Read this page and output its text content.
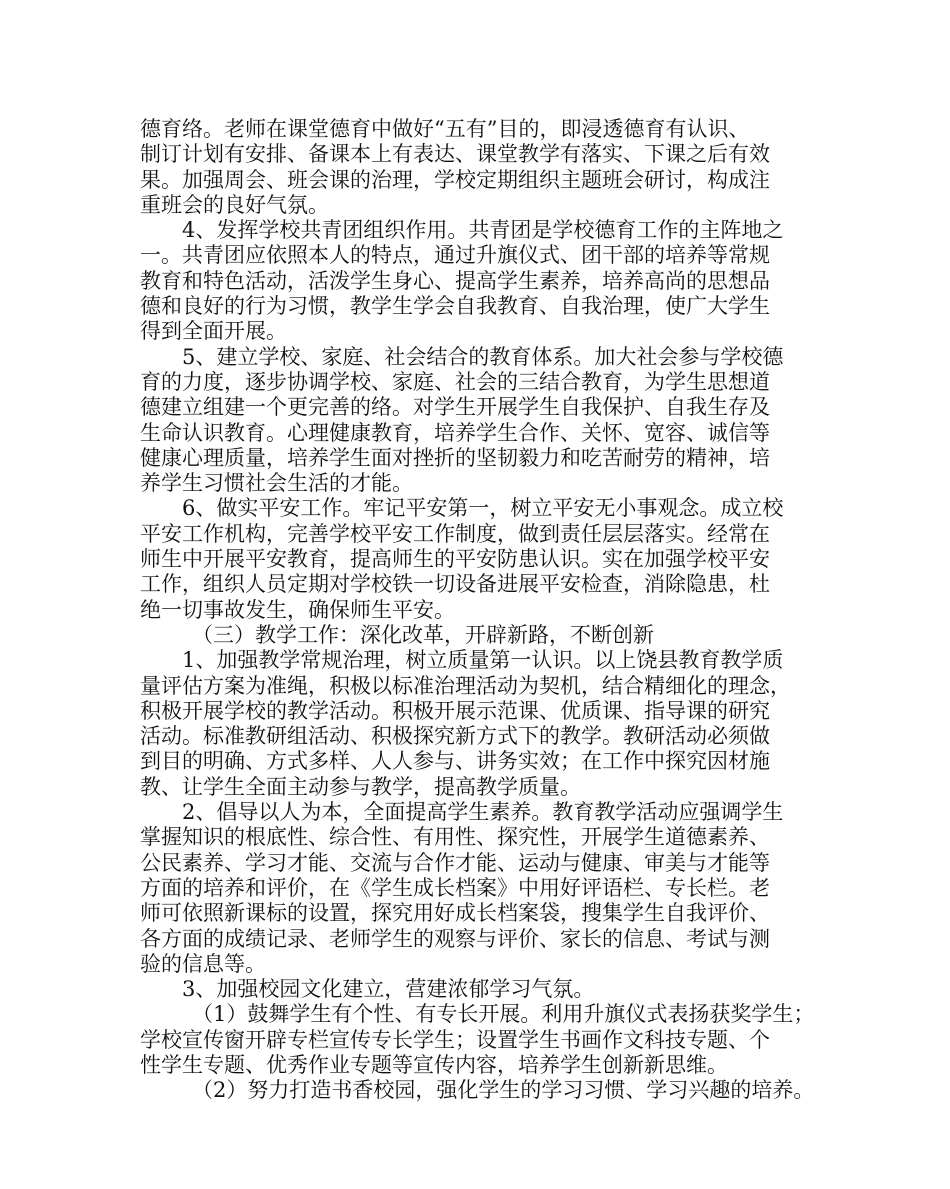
德育络。老师在课堂德育中做好“五有”目的，即浸透德育有认识、
制订计划有安排、备课本上有表达、课堂教学有落实、下课之后有效
果。加强周会、班会课的治理，学校定期组织主题班会研讨，构成注
重班会的良好气氛。
4、发挥学校共青团组织作用。共青团是学校德育工作的主阵地之
一。共青团应依照本人的特点，通过升旗仪式、团干部的培养等常规
教育和特色活动，活泼学生身心、提高学生素养，培养高尚的思想品
德和良好的行为习惯，教学生学会自我教育、自我治理，使广大学生
得到全面开展。
5、建立学校、家庭、社会结合的教育体系。加大社会参与学校德
育的力度，逐步协调学校、家庭、社会的三结合教育，为学生思想道
德建立组建一个更完善的络。对学生开展学生自我保护、自我生存及
生命认识教育。心理健康教育，培养学生合作、关怀、宽容、诚信等
健康心理质量，培养学生面对挫折的坚韧毅力和吃苦耐劳的精神，培
养学生习惯社会生活的才能。
6、做实平安工作。牢记平安第一，树立平安无小事观念。成立校
平安工作机构，完善学校平安工作制度，做到责任层层落实。经常在
师生中开展平安教育，提高师生的平安防患认识。实在加强学校平安
工作，组织人员定期对学校铁一切设备进展平安检查，消除隐患，杜
绝一切事故发生，确保师生平安。
（三）教学工作：深化改革，开辟新路，不断创新
1、加强教学常规治理，树立质量第一认识。以上饶县教育教学质
量评估方案为准绳，积极以标准治理活动为契机，结合精细化的理念，
积极开展学校的教学活动。积极开展示范课、优质课、指导课的研究
活动。标准教研组活动、积极探究新方式下的教学。教研活动必须做
到目的明确、方式多样、人人参与、讲务实效；在工作中探究因材施
教、让学生全面主动参与教学，提高教学质量。
2、倡导以人为本，全面提高学生素养。教育教学活动应强调学生
掌握知识的根底性、综合性、有用性、探究性，开展学生道德素养、
公民素养、学习才能、交流与合作才能、运动与健康、审美与才能等
方面的培养和评价，在《学生成长档案》中用好评语栏、专长栏。老
师可依照新课标的设置，探究用好成长档案袋，搜集学生自我评价、
各方面的成绩记录、老师学生的观察与评价、家长的信息、考试与测
验的信息等。
3、加强校园文化建立，营建浓郁学习气氛。
（1）鼓舞学生有个性、有专长开展。利用升旗仪式表扬获奖学生；
学校宣传窗开辟专栏宣传专长学生；设置学生书画作文科技专题、个
性学生专题、优秀作业专题等宣传内容，培养学生创新新思维。
（2）努力打造书香校园，强化学生的学习习惯、学习兴趣的培养。
